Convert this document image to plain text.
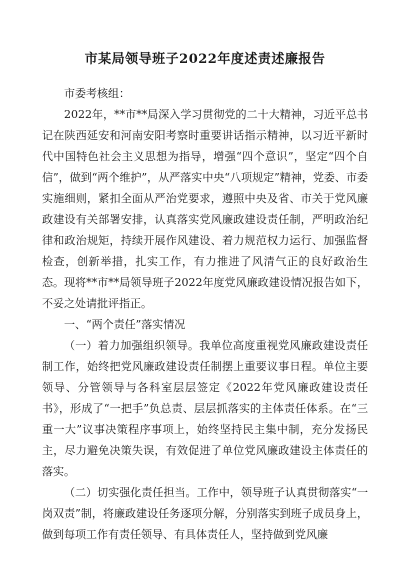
市某局领导班子2022年度述责述廉报告

市委考核组：

2022年，**市**局深入学习贯彻党的二十大精神，习近平总书记在陕西延安和河南安阳考察时重要讲话指示精神，以习近平新时代中国特色社会主义思想为指导，增强“四个意识”，坚定“四个自信”，做到“两个维护”，从严落实中央“八项规定”精神，党委、市委实施细则，紧扣全面从严治党要求，遵照中央及省、市关于党风廉政建设有关部署安排，认真落实党风廉政建设责任制，严明政治纪律和政治规矩，持续开展作风建设、着力规范权力运行、加强监督检查，创新举措，扎实工作，有力推进了风清气正的良好政治生态。现将**市**局领导班子2022年度党风廉政建设情况报告如下，不妥之处请批评指正。

一、“两个责任”落实情况

（一）着力加强组织领导。我单位高度重视党风廉政建设责任制工作，始终把党风廉政建设责任制摆上重要议事日程。单位主要领导、分管领导与各科室层层签定《2022年党风廉政建设责任书》，形成了“一把手”负总责、层层抓落实的主体责任体系。在“三重一大”议事决策程序事项上，始终坚持民主集中制，充分发扬民主，尽力避免决策失误，有效促进了单位党风廉政建设主体责任的落实。

（二）切实强化责任担当。工作中，领导班子认真贯彻落实“一岗双责”制，将廉政建设任务逐项分解，分别落实到班子成员身上，做到每项工作有责任领导、有具体责任人，坚持做到党风廉
